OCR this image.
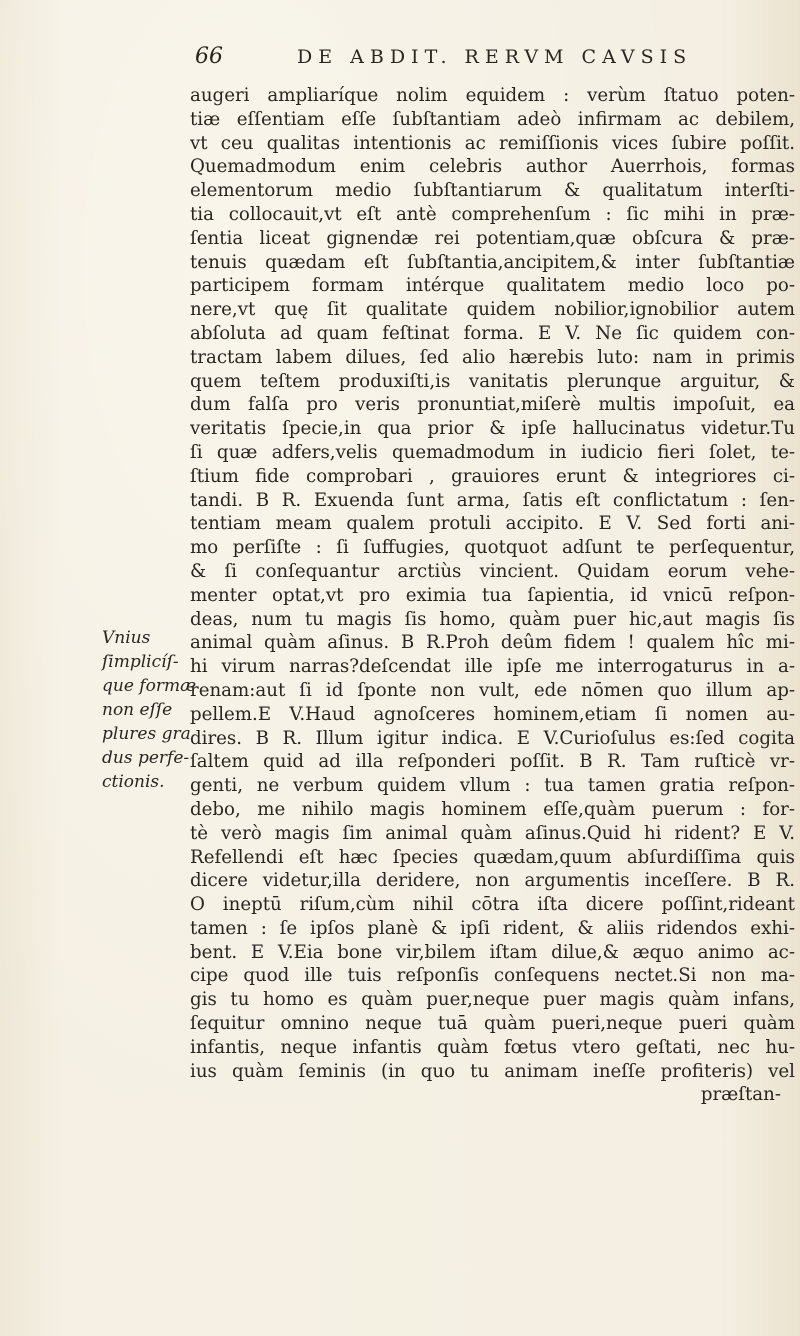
66	DE ABDIT. RERVM CAVSIS
Vnius
ſimplicíſ-
que formæ
non eſſe
plures gra
dus perfe-
ctionis.
augeri ampliaríque nolim equidem : verùm ſtatuo poten-
tiæ eſſentiam eſſe ſubſtantiam adeò infirmam ac debilem,
vt ceu qualitas intentionis ac remiſſionis vices ſubire poſſit.
Quemadmodum enim celebris author Auerrhois, formas
elementorum medio ſubſtantiarum & qualitatum interſti-
tia collocauit,vt eſt antè comprehenſum : ſic mihi in præ-
ſentia liceat gignendæ rei potentiam,quæ obſcura & præ-
tenuis quædam eſt ſubſtantia,ancipitem,& inter ſubſtantiæ
participem formam intérque qualitatem medio loco po-
nere,vt quę ſit qualitate quidem nobilior,ignobilior autem
abſoluta ad quam feſtinat forma. E V. Ne ſic quidem con-
tractam labem dilues, ſed alio hærebis luto: nam in primis
quem teſtem produxiſti,is vanitatis plerunque arguitur, &
dum falſa pro veris pronuntiat,miſerè multis impoſuit, ea
veritatis ſpecie,in qua prior & ipſe hallucinatus videtur.Tu
ſi quæ adfers,velis quemadmodum in iudicio fieri ſolet, te-
ſtium fide comprobari , grauiores erunt & integriores ci-
tandi. B R. Exuenda ſunt arma, ſatis eſt conflictatum : ſen-
tentiam meam qualem protuli accipito. E V. Sed forti ani-
mo perſiſte : ſi ſuffugies, quotquot adſunt te perſequentur,
& ſi conſequantur arctiùs vincient. Quidam eorum vehe-
menter optat,vt pro eximia tua ſapientia, id vnicū reſpon-
deas, num tu magis ſis homo, quàm puer hic,aut magis ſis
animal quàm aſinus. B R.Proh deûm fidem ! qualem hîc mi-
hi virum narras?deſcendat ille ipſe me interrogaturus in a-
renam:aut ſi id ſponte non vult, ede nōmen quo illum ap-
pellem.E V.Haud agnoſceres hominem,etiam ſi nomen au-
dires. B R. Illum igitur indica. E V.Curioſulus es:ſed cogita
ſaltem quid ad illa reſponderi poſſit. B R. Tam ruſticè vr-
genti, ne verbum quidem vllum : tua tamen gratia reſpon-
debo, me nihilo magis hominem eſſe,quàm puerum : for-
tè verò magis ſim animal quàm aſinus.Quid hi rident? E V.
Refellendi eſt hæc ſpecies quædam,quum abſurdiſſima quis
dicere videtur,illa deridere, non argumentis inceſſere. B R.
O ineptū riſum,cùm nihil cōtra iſta dicere poſſint,rideant
tamen : ſe ipſos planè & ipſi rident, & aliis ridendos exhi-
bent. E V.Eia bone vir,bilem iſtam dilue,& æquo animo ac-
cipe quod ille tuis reſponſis conſequens nectet.Si non ma-
gis tu homo es quàm puer,neque puer magis quàm infans,
ſequitur omnino neque tuā quàm pueri,neque pueri quàm
infantis, neque infantis quàm fœtus vtero geſtati, nec hu-
ius quàm ſeminis (in quo tu animam ineſſe profiteris) vel
præſtan-
